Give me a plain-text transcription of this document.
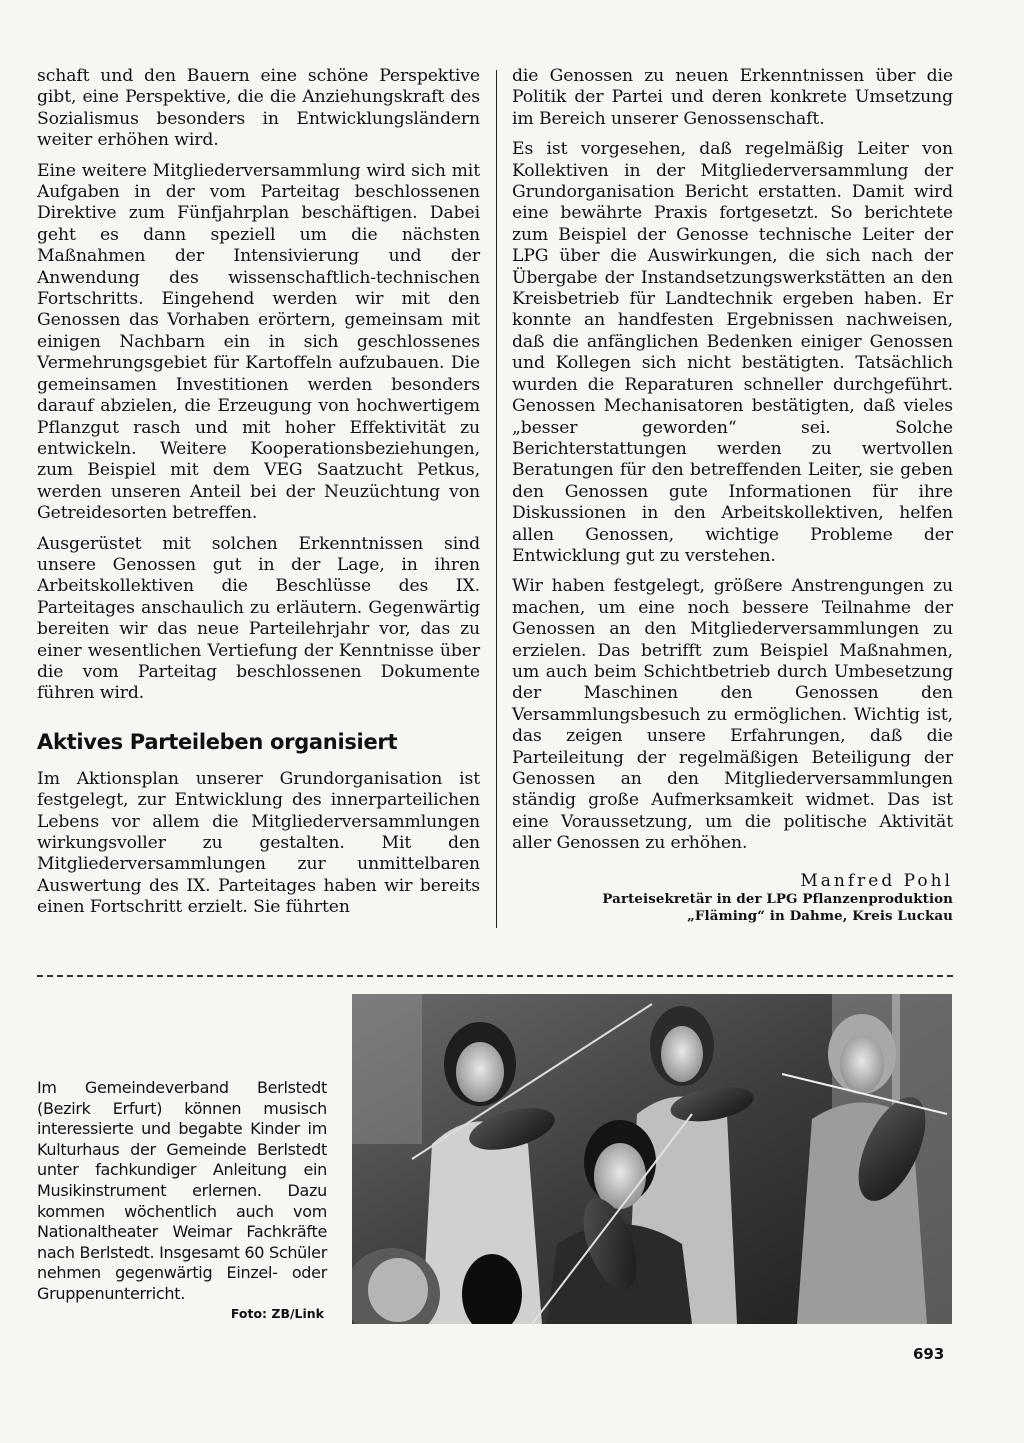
schaft und den Bauern eine schöne Perspektive gibt, eine Perspektive, die die Anziehungskraft des Sozialismus besonders in Entwicklungsländern weiter erhöhen wird.

Eine weitere Mitgliederversammlung wird sich mit Aufgaben in der vom Parteitag beschlossenen Direktive zum Fünfjahrplan beschäftigen. Dabei geht es dann speziell um die nächsten Maßnahmen der Intensivierung und der Anwendung des wissenschaftlich-technischen Fortschritts. Eingehend werden wir mit den Genossen das Vorhaben erörtern, gemeinsam mit einigen Nachbarn ein in sich geschlossenes Vermehrungsgebiet für Kartoffeln aufzubauen. Die gemeinsamen Investitionen werden besonders darauf abzielen, die Erzeugung von hochwertigem Pflanzgut rasch und mit hoher Effektivität zu entwickeln. Weitere Kooperationsbeziehungen, zum Beispiel mit dem VEG Saatzucht Petkus, werden unseren Anteil bei der Neuzüchtung von Getreidesorten betreffen.

Ausgerüstet mit solchen Erkenntnissen sind unsere Genossen gut in der Lage, in ihren Arbeitskollektiven die Beschlüsse des IX. Parteitages anschaulich zu erläutern. Gegenwärtig bereiten wir das neue Parteilehrjahr vor, das zu einer wesentlichen Vertiefung der Kenntnisse über die vom Parteitag beschlossenen Dokumente führen wird.

Aktives Parteileben organisiert

Im Aktionsplan unserer Grundorganisation ist festgelegt, zur Entwicklung des innerparteilichen Lebens vor allem die Mitgliederversammlungen wirkungsvoller zu gestalten. Mit den Mitgliederversammlungen zur unmittelbaren Auswertung des IX. Parteitages haben wir bereits einen Fortschritt erzielt. Sie führten

die Genossen zu neuen Erkenntnissen über die Politik der Partei und deren konkrete Umsetzung im Bereich unserer Genossenschaft.

Es ist vorgesehen, daß regelmäßig Leiter von Kollektiven in der Mitgliederversammlung der Grundorganisation Bericht erstatten. Damit wird eine bewährte Praxis fortgesetzt. So berichtete zum Beispiel der Genosse technische Leiter der LPG über die Auswirkungen, die sich nach der Übergabe der Instandsetzungswerkstätten an den Kreisbetrieb für Landtechnik ergeben haben. Er konnte an handfesten Ergebnissen nachweisen, daß die anfänglichen Bedenken einiger Genossen und Kollegen sich nicht bestätigten. Tatsächlich wurden die Reparaturen schneller durchgeführt. Genossen Mechanisatoren bestätigten, daß vieles „besser geworden“ sei. Solche Berichterstattungen werden zu wertvollen Beratungen für den betreffenden Leiter, sie geben den Genossen gute Informationen für ihre Diskussionen in den Arbeitskollektiven, helfen allen Genossen, wichtige Probleme der Entwicklung gut zu verstehen.

Wir haben festgelegt, größere Anstrengungen zu machen, um eine noch bessere Teilnahme der Genossen an den Mitgliederversammlungen zu erzielen. Das betrifft zum Beispiel Maßnahmen, um auch beim Schichtbetrieb durch Umbesetzung der Maschinen den Genossen den Versammlungsbesuch zu ermöglichen. Wichtig ist, das zeigen unsere Erfahrungen, daß die Parteileitung der regelmäßigen Beteiligung der Genossen an den Mitgliederversammlungen ständig große Aufmerksamkeit widmet. Das ist eine Voraussetzung, um die politische Aktivität aller Genossen zu erhöhen.

Manfred Pohl
Parteisekretär in der LPG Pflanzenproduktion
„Fläming“ in Dahme, Kreis Luckau
Im Gemeindeverband Berlstedt (Bezirk Erfurt) können musisch interessierte und begabte Kinder im Kulturhaus der Gemeinde Berlstedt unter fachkundiger Anleitung ein Musikinstrument erlernen. Dazu kommen wöchentlich auch vom Nationaltheater Weimar Fachkräfte nach Berlstedt. Insgesamt 60 Schüler nehmen gegenwärtig Einzel- oder Gruppenunterricht.
Foto: ZB/Link
693
